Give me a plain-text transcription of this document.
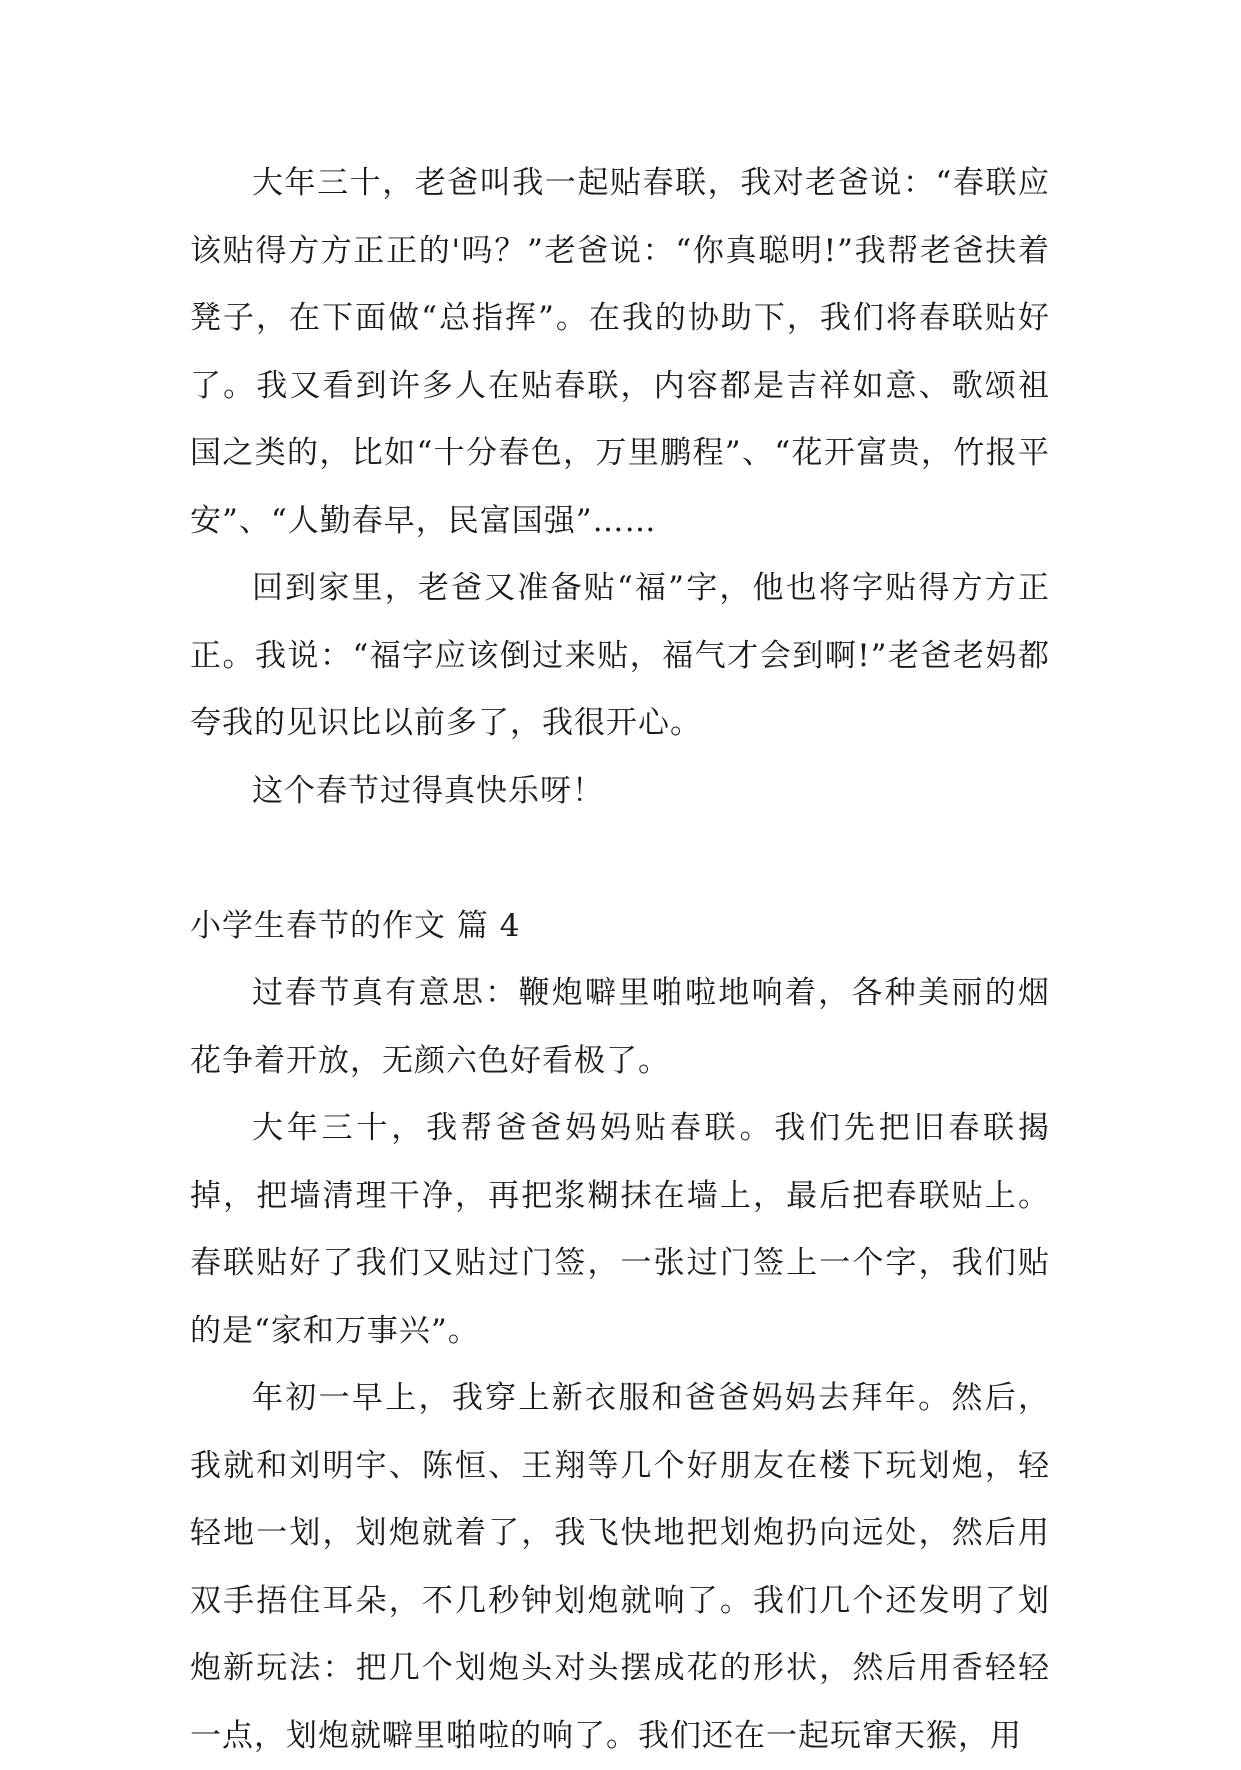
大年三十，老爸叫我一起贴春联，我对老爸说：“春联应该贴得方方正正的'吗？”老爸说：“你真聪明!”我帮老爸扶着凳子，在下面做“总指挥”。在我的协助下，我们将春联贴好了。我又看到许多人在贴春联，内容都是吉祥如意、歌颂祖国之类的，比如“十分春色，万里鹏程”、“花开富贵，竹报平安”、“人勤春早，民富国强”……

回到家里，老爸又准备贴“福”字，他也将字贴得方方正正。我说：“福字应该倒过来贴，福气才会到啊!”老爸老妈都夸我的见识比以前多了，我很开心。

这个春节过得真快乐呀！

小学生春节的作文 篇 4

过春节真有意思：鞭炮噼里啪啦地响着，各种美丽的烟花争着开放，无颜六色好看极了。

大年三十，我帮爸爸妈妈贴春联。我们先把旧春联揭掉，把墙清理干净，再把浆糊抹在墙上，最后把春联贴上。春联贴好了我们又贴过门签，一张过门签上一个字，我们贴的是“家和万事兴”。

年初一早上，我穿上新衣服和爸爸妈妈去拜年。然后，我就和刘明宇、陈恒、王翔等几个好朋友在楼下玩划炮，轻轻地一划，划炮就着了，我飞快地把划炮扔向远处，然后用双手捂住耳朵，不几秒钟划炮就响了。我们几个还发明了划炮新玩法：把几个划炮头对头摆成花的形状，然后用香轻轻一点，划炮就噼里啪啦的响了。我们还在一起玩窜天猴，用
